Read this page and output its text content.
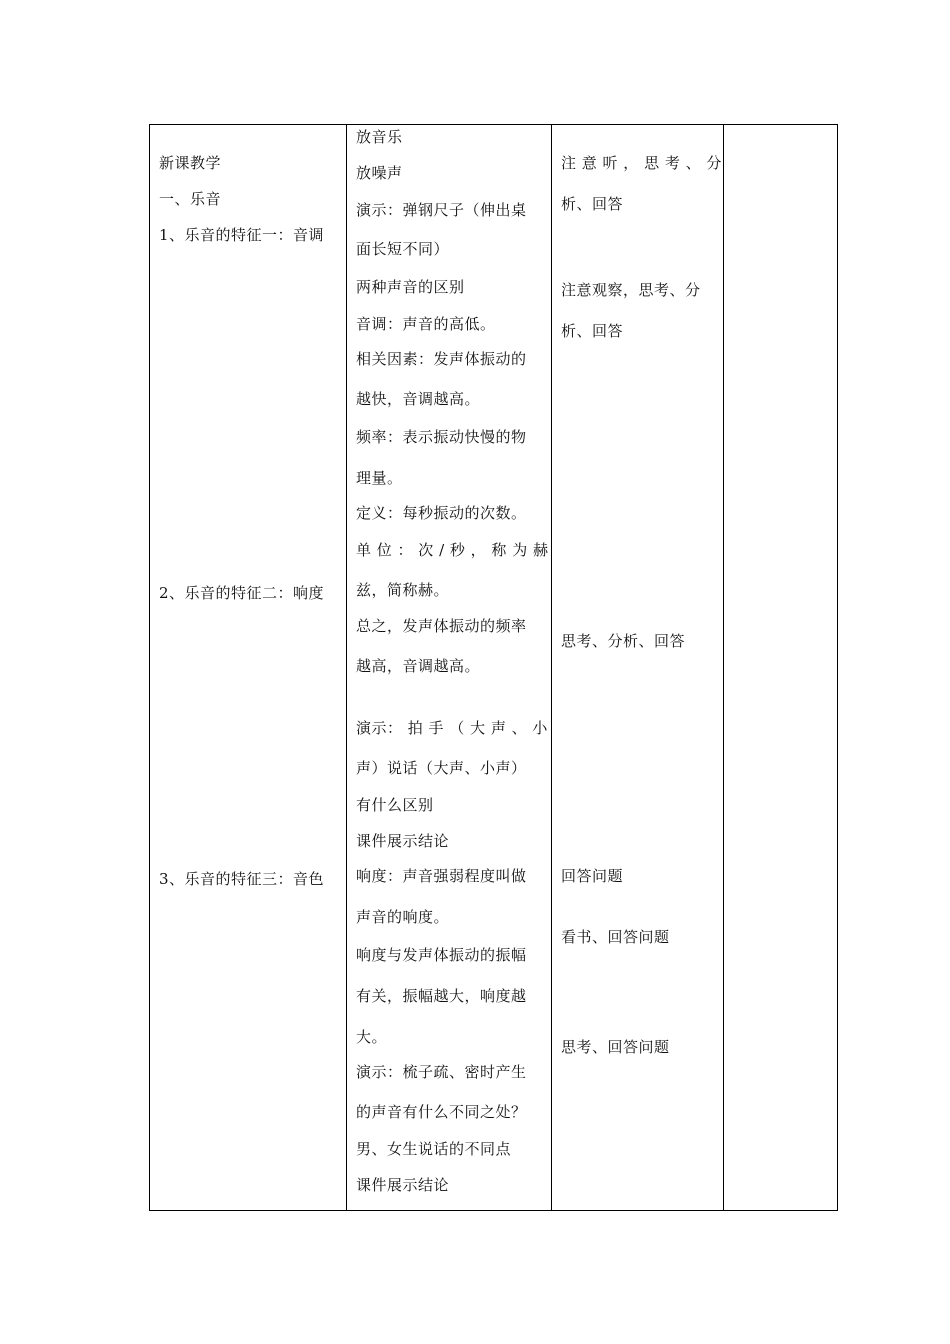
新课教学
一、乐音
1、乐音的特征一：音调
2、乐音的特征二：响度
3、乐音的特征三：音色
放音乐
放噪声
演示：弹钢尺子（伸出桌
面长短不同）
两种声音的区别
音调：声音的高低。
相关因素：发声体振动的
越快，音调越高。
频率：表示振动快慢的物
理量。
定义：每秒振动的次数。
单 位 ： 次 / 秒 ， 称 为 赫
兹，简称赫。
总之，发声体振动的频率
越高，音调越高。
演示： 拍 手 （ 大 声 、 小
声）说话（大声、小声）
有什么区别
课件展示结论
响度：声音强弱程度叫做
声音的响度。
响度与发声体振动的振幅
有关，振幅越大，响度越
大。
演示：梳子疏、密时产生
的声音有什么不同之处？
男、女生说话的不同点
课件展示结论
注 意 听 ， 思 考 、 分
析、回答
注意观察，思考、分
析、回答
思考、分析、回答
回答问题
看书、回答问题
思考、回答问题
